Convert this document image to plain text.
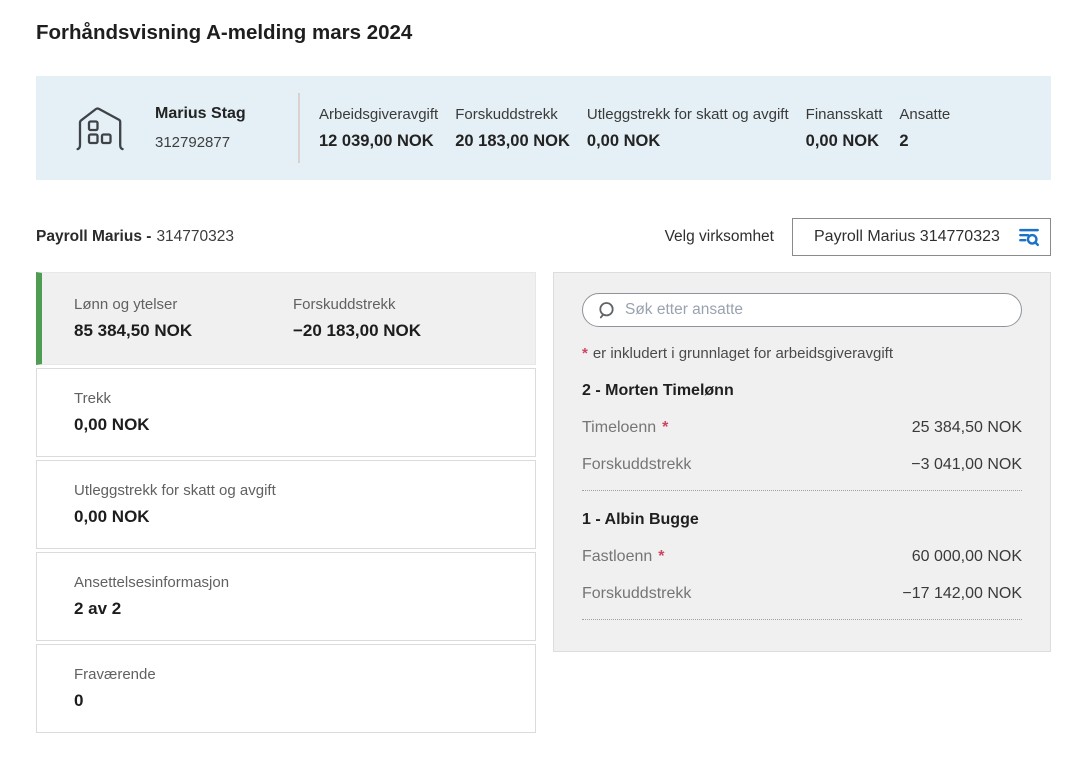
Forhåndsvisning A-melding mars 2024
Marius Stag
312792877
Arbeidsgiveravgift
12 039,00 NOK
Forskuddstrekk
20 183,00 NOK
Utleggstrekk for skatt og avgift
0,00 NOK
Finansskatt
0,00 NOK
Ansatte
2
Payroll Marius - 314770323	Velg virksomhet	Payroll Marius 314770323
Lønn og ytelser
85 384,50 NOK
Forskuddstrekk
−20 183,00 NOK
Trekk
0,00 NOK
Utleggstrekk for skatt og avgift
0,00 NOK
Ansettelsesinformasjon
2 av 2
Fraværende
0
Søk etter ansatte
* er inkludert i grunnlaget for arbeidsgiveravgift
2 - Morten Timelønn
Timeloenn *	25 384,50 NOK
Forskuddstrekk	−3 041,00 NOK
1 - Albin Bugge
Fastloenn *	60 000,00 NOK
Forskuddstrekk	−17 142,00 NOK
